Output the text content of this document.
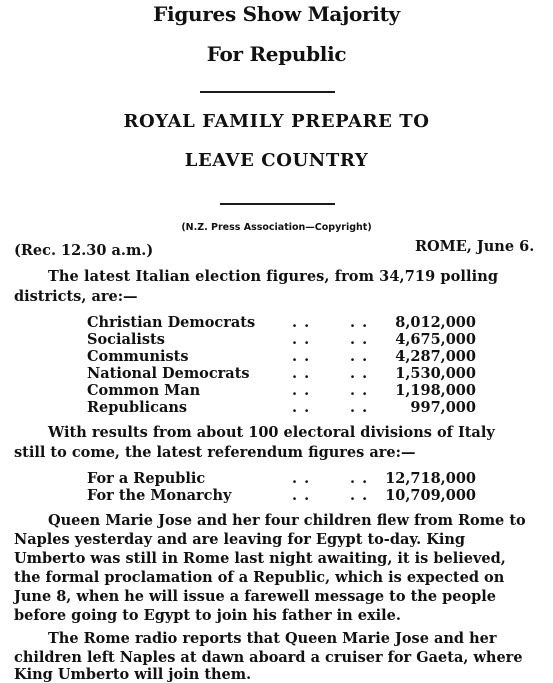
Figures Show Majority
For Republic
ROYAL FAMILY PREPARE TO
LEAVE COUNTRY
(N.Z. Press Association—Copyright)
(Rec. 12.30 a.m.)	ROME, June 6.
The latest Italian election figures, from 34,719 polling
districts, are:—
Christian Democrats	. .	. .	8,012,000
Socialists	. .	. .	4,675,000
Communists	. .	. .	4,287,000
National Democrats	. .	. .	1,530,000
Common Man	. .	. .	1,198,000
Republicans	. .	. .	997,000
With results from about 100 electoral divisions of Italy
still to come, the latest referendum figures are:—
For a Republic	. .	. .	12,718,000
For the Monarchy	. .	. .	10,709,000
Queen Marie Jose and her four children flew from Rome to
Naples yesterday and are leaving for Egypt to-day. King
Umberto was still in Rome last night awaiting, it is believed,
the formal proclamation of a Republic, which is expected on
June 8, when he will issue a farewell message to the people
before going to Egypt to join his father in exile.
The Rome radio reports that Queen Marie Jose and her
children left Naples at dawn aboard a cruiser for Gaeta, where
King Umberto will join them.
